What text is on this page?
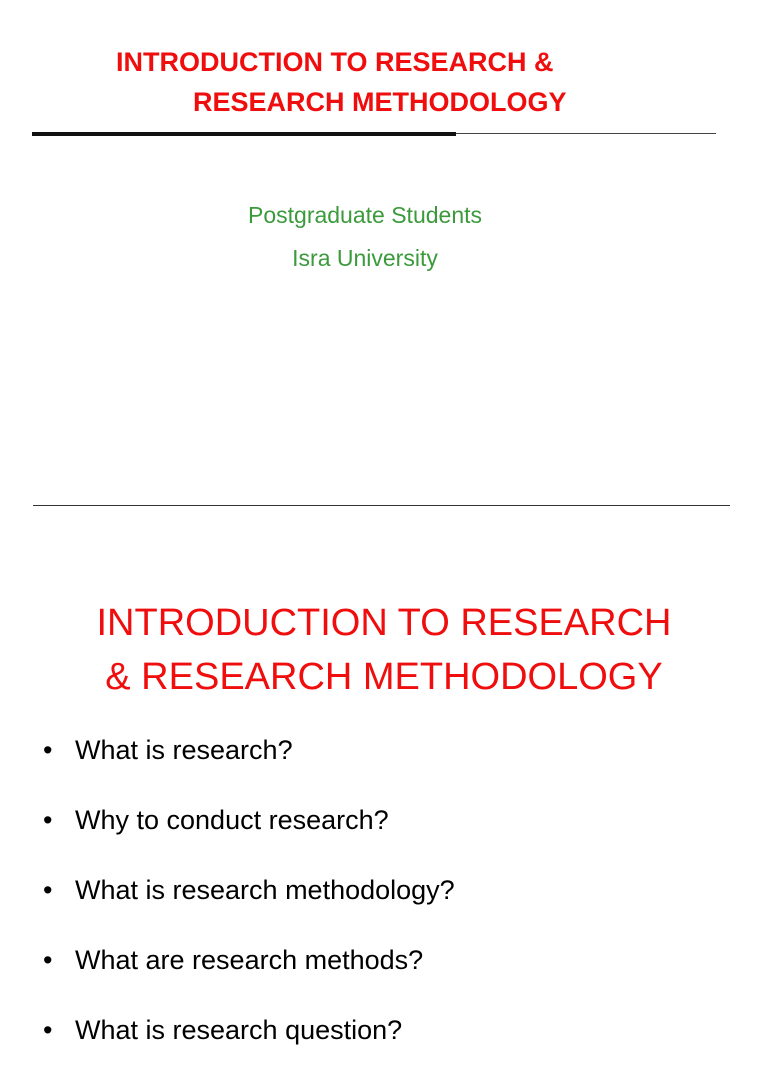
INTRODUCTION TO RESEARCH &
RESEARCH METHODOLOGY
Postgraduate Students
Isra University
INTRODUCTION TO RESEARCH
& RESEARCH METHODOLOGY
• What is research?
• Why to conduct research?
• What is research methodology?
• What are research methods?
• What is research question?
